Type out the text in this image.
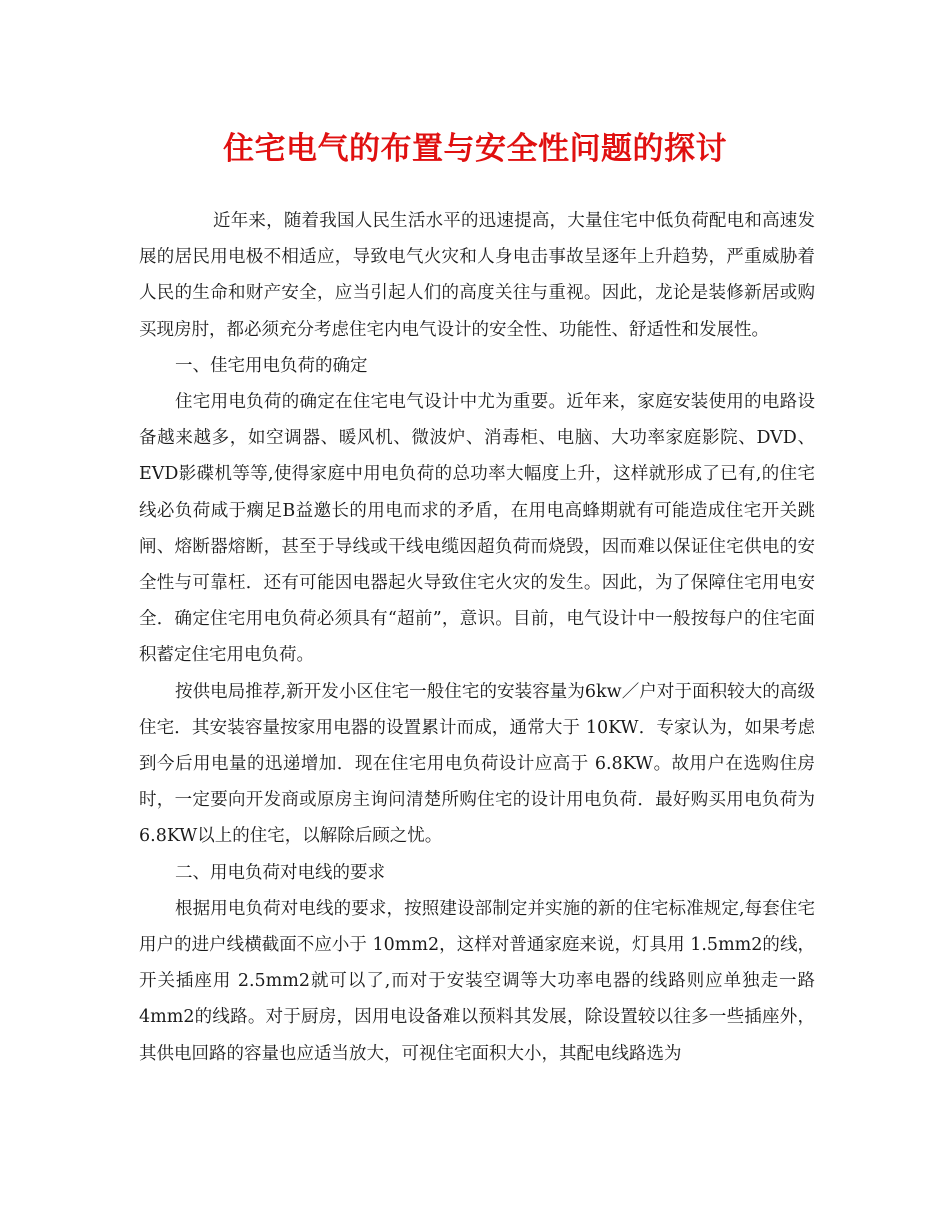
住宅电气的布置与安全性问题的探讨

近年来，随着我国人民生活水平的迅速提高，大量住宅中低负荷配电和高速发展的居民用电极不相适应，导致电气火灾和人身电击事故呈逐年上升趋势，严重威胁着人民的生命和财产安全，应当引起人们的高度关往与重视。因此，龙论是装修新居或购买现房肘，都必须充分考虑住宅内电气设计的安全性、功能性、舒适性和发展性。

一、佳宅用电负荷的确定

住宅用电负荷的确定在住宅电气设计中尤为重要。近年来，家庭安装使用的电路设备越来越多，如空调器、暖风机、微波炉、消毒柜、电脑、大功率家庭影院、DVD、EVD影碟机等等,使得家庭中用电负荷的总功率大幅度上升，这样就形成了已有,的住宅线必负荷咸于瘸足B益邀长的用电而求的矛盾，在用电高蜂期就有可能造成住宅开关跳闸、熔断器熔断，甚至于导线或干线电缆因超负荷而烧毁，因而难以保证住宅供电的安全性与可靠枉．还有可能因电器起火导致住宅火灾的发生。因此，为了保障住宅用电安全．确定住宅用电负荷必须具有“超前”，意识。目前，电气设计中一般按每户的住宅面积蓄定住宅用电负荷。

按供电局推荐,新开发小区住宅一般住宅的安装容量为6kw／户对于面积较大的高级住宅．其安装容量按家用电器的设置累计而成，通常大于 10KW．专家认为，如果考虑到今后用电量的迅递增加．现在住宅用电负荷设计应高于 6.8KW。故用户在选购住房时，一定要向开发商或原房主询问清楚所购住宅的设计用电负荷．最好购买用电负荷为6.8KW以上的住宅，以解除后顾之忧。

二、用电负荷对电线的要求

根据用电负荷对电线的要求，按照建设部制定并实施的新的住宅标准规定,每套住宅用户的进户线横截面不应小于 10mm2，这样对普通家庭来说，灯具用 1.5mm2的线，开关插座用 2.5mm2就可以了,而对于安装空调等大功率电器的线路则应单独走一路 4mm2的线路。对于厨房，因用电设备难以预料其发展，除设置较以往多一些插座外，其供电回路的容量也应适当放大，可视住宅面积大小，其配电线路选为
